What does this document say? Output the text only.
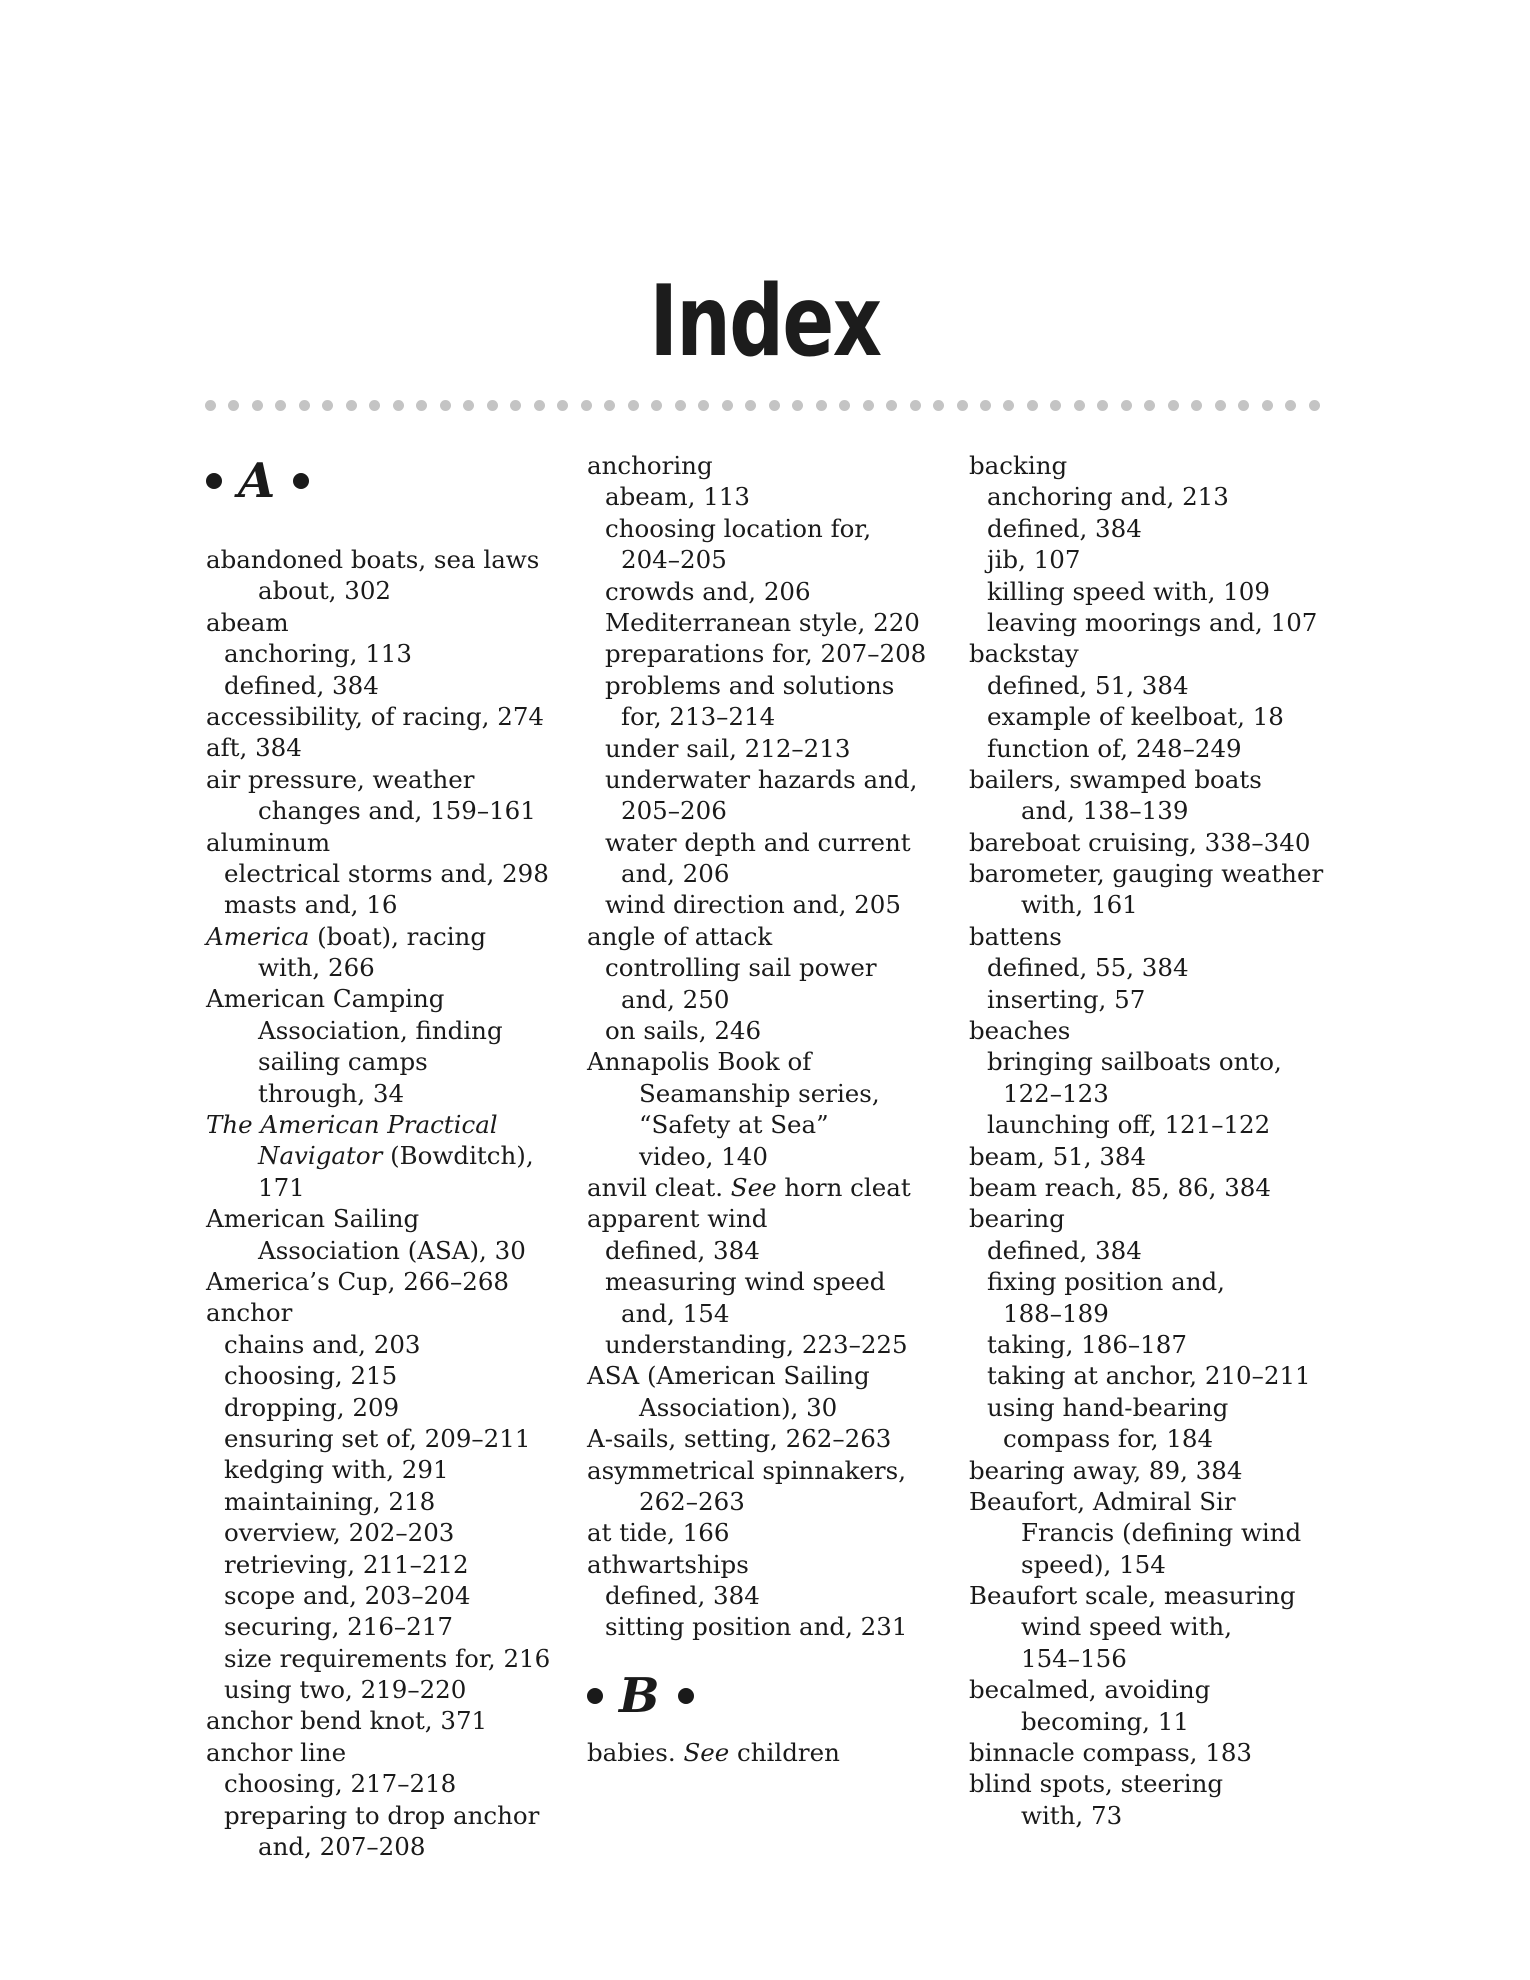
Index
A
abandoned boats, sea laws
about, 302
abeam
anchoring, 113
defined, 384
accessibility, of racing, 274
aft, 384
air pressure, weather
changes and, 159–161
aluminum
electrical storms and, 298
masts and, 16
America (boat), racing
with, 266
American Camping
Association, finding
sailing camps
through, 34
The American Practical
Navigator (Bowditch),
171
American Sailing
Association (ASA), 30
America’s Cup, 266–268
anchor
chains and, 203
choosing, 215
dropping, 209
ensuring set of, 209–211
kedging with, 291
maintaining, 218
overview, 202–203
retrieving, 211–212
scope and, 203–204
securing, 216–217
size requirements for, 216
using two, 219–220
anchor bend knot, 371
anchor line
choosing, 217–218
preparing to drop anchor
and, 207–208
anchoring
abeam, 113
choosing location for,
204–205
crowds and, 206
Mediterranean style, 220
preparations for, 207–208
problems and solutions
for, 213–214
under sail, 212–213
underwater hazards and,
205–206
water depth and current
and, 206
wind direction and, 205
angle of attack
controlling sail power
and, 250
on sails, 246
Annapolis Book of
Seamanship series,
“Safety at Sea”
video, 140
anvil cleat. See horn cleat
apparent wind
defined, 384
measuring wind speed
and, 154
understanding, 223–225
ASA (American Sailing
Association), 30
A-sails, setting, 262–263
asymmetrical spinnakers,
262–263
at tide, 166
athwartships
defined, 384
sitting position and, 231
B
babies. See children
backing
anchoring and, 213
defined, 384
jib, 107
killing speed with, 109
leaving moorings and, 107
backstay
defined, 51, 384
example of keelboat, 18
function of, 248–249
bailers, swamped boats
and, 138–139
bareboat cruising, 338–340
barometer, gauging weather
with, 161
battens
defined, 55, 384
inserting, 57
beaches
bringing sailboats onto,
122–123
launching off, 121–122
beam, 51, 384
beam reach, 85, 86, 384
bearing
defined, 384
fixing position and,
188–189
taking, 186–187
taking at anchor, 210–211
using hand-bearing
compass for, 184
bearing away, 89, 384
Beaufort, Admiral Sir
Francis (defining wind
speed), 154
Beaufort scale, measuring
wind speed with,
154–156
becalmed, avoiding
becoming, 11
binnacle compass, 183
blind spots, steering
with, 73
